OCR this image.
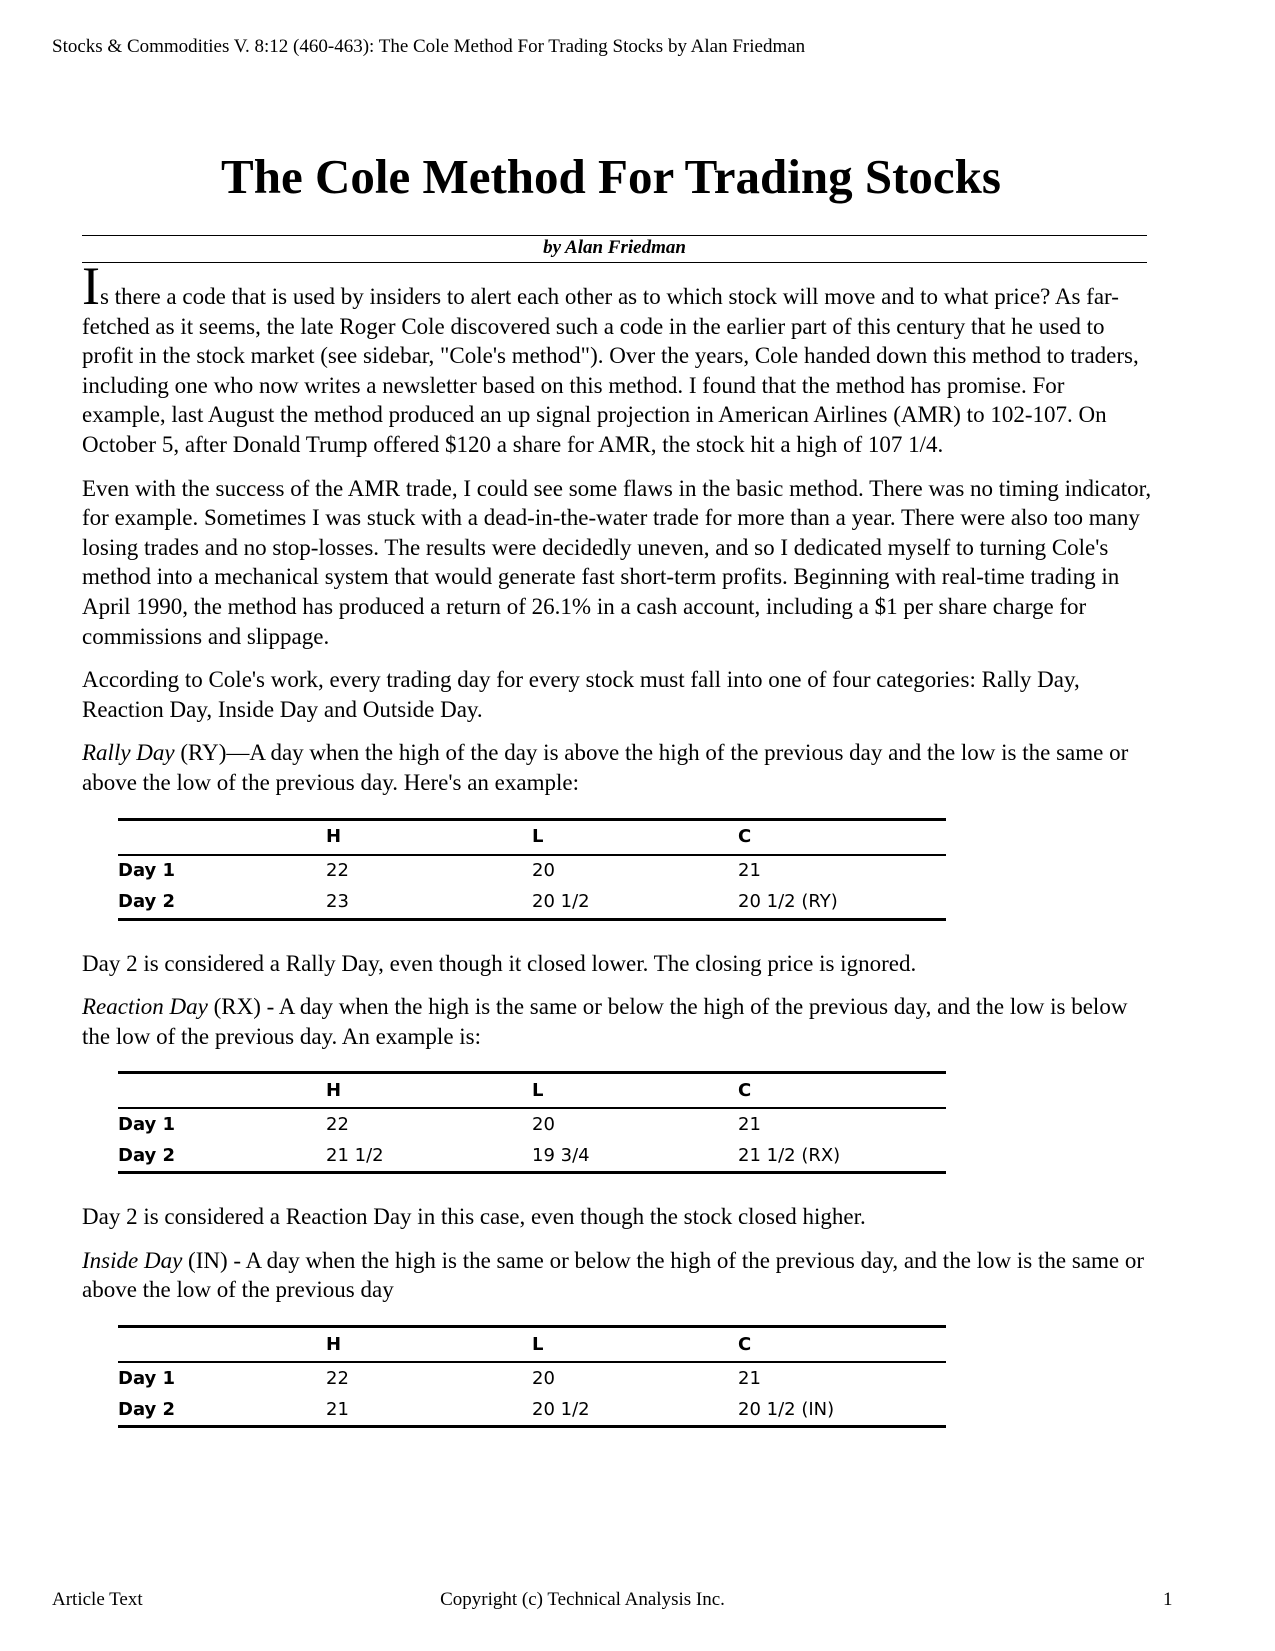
Stocks & Commodities V. 8:12 (460-463): The Cole Method For Trading Stocks by Alan Friedman
The Cole Method For Trading Stocks
by Alan Friedman

Is there a code that is used by insiders to alert each other as to which stock will move and to what price? As far-fetched as it seems, the late Roger Cole discovered such a code in the earlier part of this century that he used to profit in the stock market (see sidebar, "Cole's method"). Over the years, Cole handed down this method to traders, including one who now writes a newsletter based on this method. I found that the method has promise. For example, last August the method produced an up signal projection in American Airlines (AMR) to 102-107. On October 5, after Donald Trump offered $120 a share for AMR, the stock hit a high of 107 1/4.

Even with the success of the AMR trade, I could see some flaws in the basic method. There was no timing indicator, for example. Sometimes I was stuck with a dead-in-the-water trade for more than a year. There were also too many losing trades and no stop-losses. The results were decidedly uneven, and so I dedicated myself to turning Cole's method into a mechanical system that would generate fast short-term profits. Beginning with real-time trading in April 1990, the method has produced a return of 26.1% in a cash account, including a $1 per share charge for commissions and slippage.

According to Cole's work, every trading day for every stock must fall into one of four categories: Rally Day, Reaction Day, Inside Day and Outside Day.

Rally Day (RY)—A day when the high of the day is above the high of the previous day and the low is the same or above the low of the previous day. Here's an example:

	H	L	C
Day 1	22	20	21
Day 2	23	20 1/2	20 1/2 (RY)

Day 2 is considered a Rally Day, even though it closed lower. The closing price is ignored.

Reaction Day (RX) - A day when the high is the same or below the high of the previous day, and the low is below the low of the previous day. An example is:

	H	L	C
Day 1	22	20	21
Day 2	21 1/2	19 3/4	21 1/2 (RX)

Day 2 is considered a Reaction Day in this case, even though the stock closed higher.

Inside Day (IN) - A day when the high is the same or below the high of the previous day, and the low is the same or above the low of the previous day

	H	L	C
Day 1	22	20	21
Day 2	21	20 1/2	20 1/2 (IN)
Article Text	Copyright (c) Technical Analysis Inc.	1
